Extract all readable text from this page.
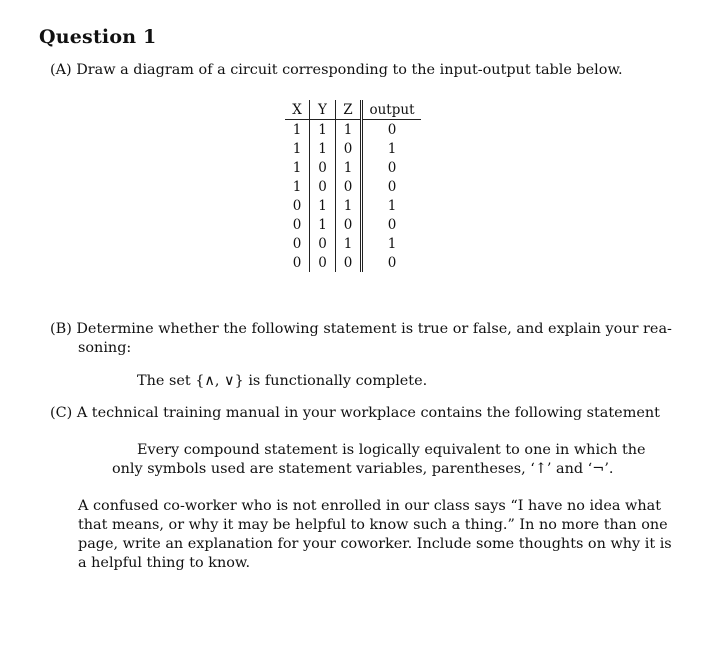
Question 1
(A) Draw a diagram of a circuit corresponding to the input-output table below.
X	Y	Z	output
1	1	1	0
1	1	0	1
1	0	1	0
1	0	0	0
0	1	1	1
0	1	0	0
0	0	1	1
0	0	0	0
(B) Determine whether the following statement is true or false, and explain your rea-
soning:
The set {∧, ∨} is functionally complete.
(C) A technical training manual in your workplace contains the following statement
Every compound statement is logically equivalent to one in which the
only symbols used are statement variables, parentheses, ‘↑’ and ‘¬’.
A confused co-worker who is not enrolled in our class says “I have no idea what
that means, or why it may be helpful to know such a thing.” In no more than one
page, write an explanation for your coworker. Include some thoughts on why it is
a helpful thing to know.
